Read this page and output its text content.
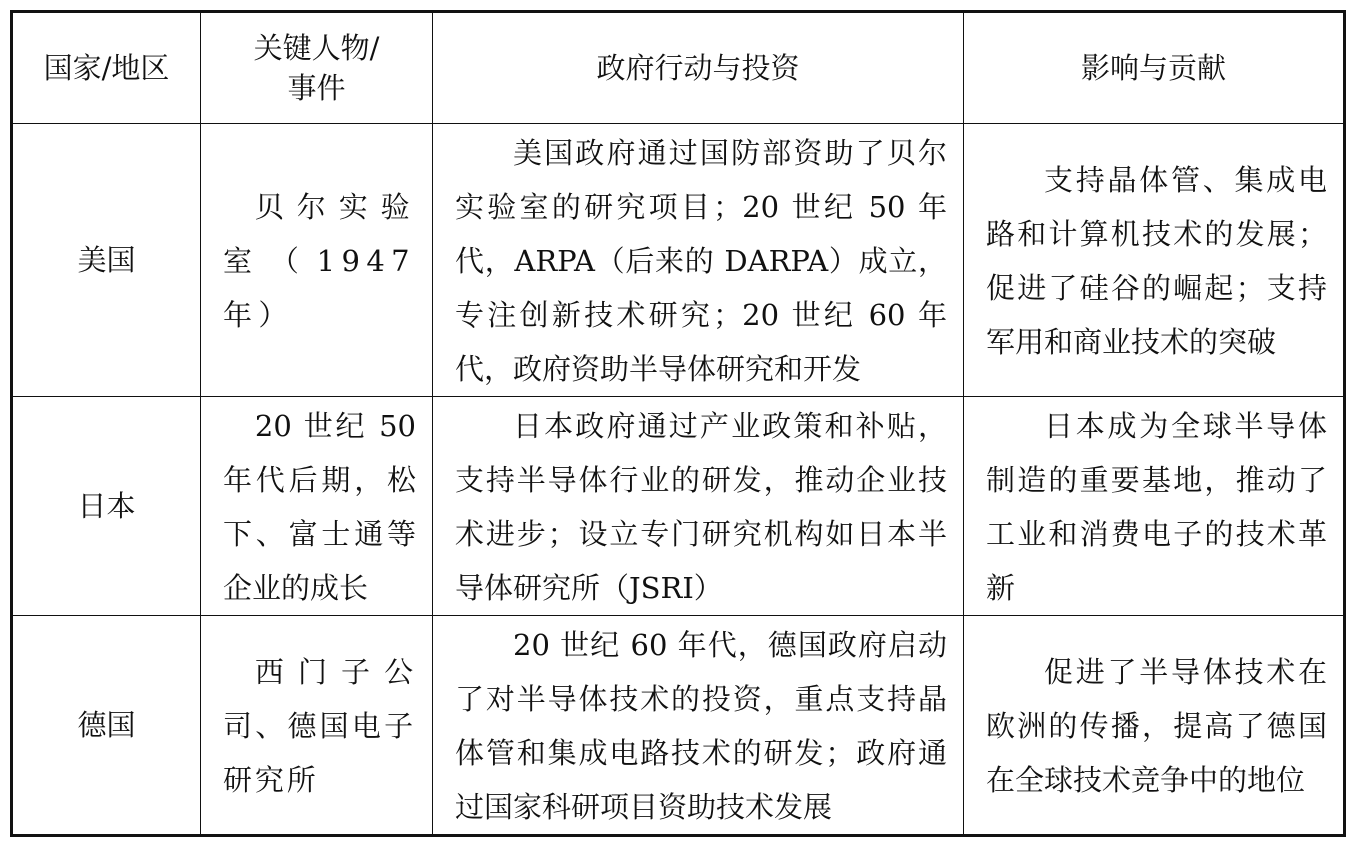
国家/地区	关键人物/事件	政府行动与投资	影响与贡献
美国	贝尔实验室（1947 年）	美国政府通过国防部资助了贝尔实验室的研究项目；20 世纪 50 年代，ARPA（后来的 DARPA）成立，专注创新技术研究；20 世纪 60 年代，政府资助半导体研究和开发	支持晶体管、集成电路和计算机技术的发展；促进了硅谷的崛起；支持军用和商业技术的突破

日本	20 世纪 50 年代后期，松下、富士通等企业的成长	日本政府通过产业政策和补贴，支持半导体行业的研发，推动企业技术进步；设立专门研究机构如日本半导体研究所（JSRI）	日本成为全球半导体制造的重要基地，推动了工业和消费电子的技术革新

德国	西门子公司、德国电子研究所	20 世纪 60 年代，德国政府启动了对半导体技术的投资，重点支持晶体管和集成电路技术的研发；政府通过国家科研项目资助技术发展	促进了半导体技术在欧洲的传播，提高了德国在全球技术竞争中的地位
